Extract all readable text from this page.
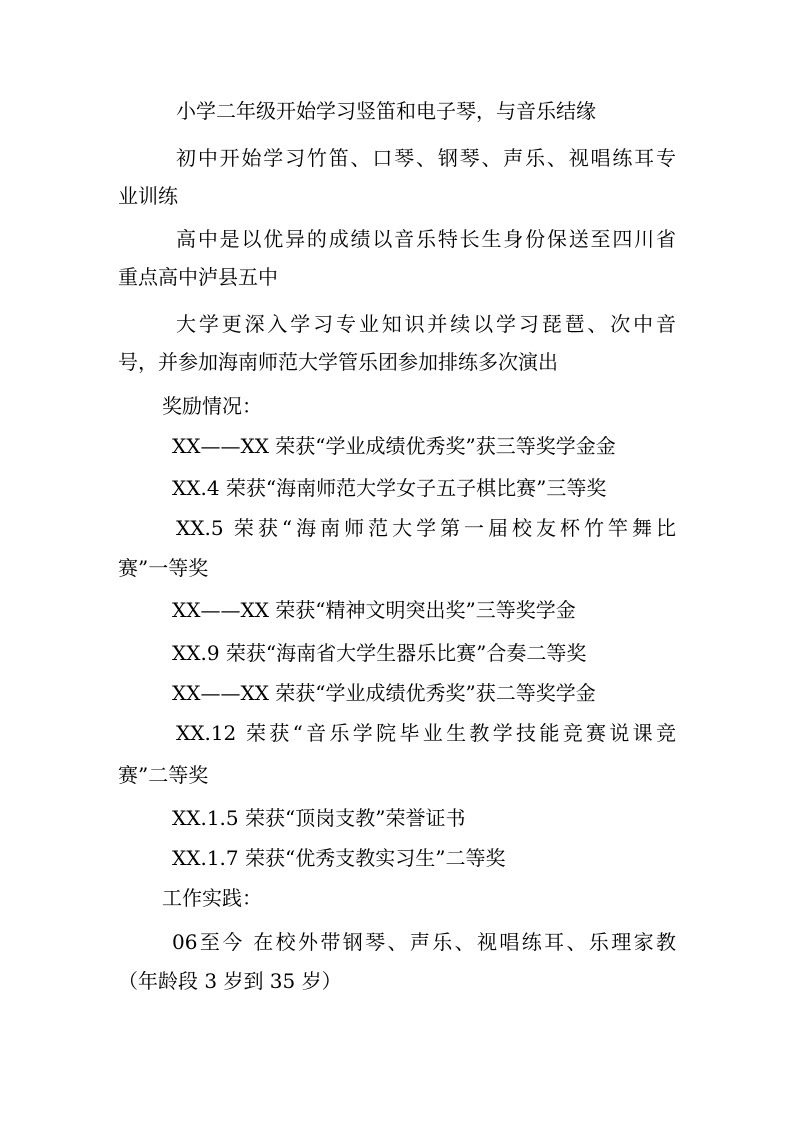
小学二年级开始学习竖笛和电子琴，与音乐结缘
初中开始学习竹笛、口琴、钢琴、声乐、视唱练耳专
业训练
高中是以优异的成绩以音乐特长生身份保送至四川省
重点高中泸县五中
大学更深入学习专业知识并续以学习琵琶、次中音
号，并参加海南师范大学管乐团参加排练多次演出
奖励情况：
XX——XX 荣获“学业成绩优秀奖”获三等奖学金金
XX.4 荣获“海南师范大学女子五子棋比赛”三等奖
XX.5 荣获“海南师范大学第一届校友杯竹竿舞比
赛”一等奖
XX——XX 荣获“精神文明突出奖”三等奖学金
XX.9 荣获“海南省大学生器乐比赛”合奏二等奖
XX——XX 荣获“学业成绩优秀奖”获二等奖学金
XX.12 荣获“音乐学院毕业生教学技能竞赛说课竞
赛”二等奖
XX.1.5 荣获“顶岗支教”荣誉证书
XX.1.7 荣获“优秀支教实习生”二等奖
工作实践：
06至今 在校外带钢琴、声乐、视唱练耳、乐理家教
（年龄段 3 岁到 35 岁）
